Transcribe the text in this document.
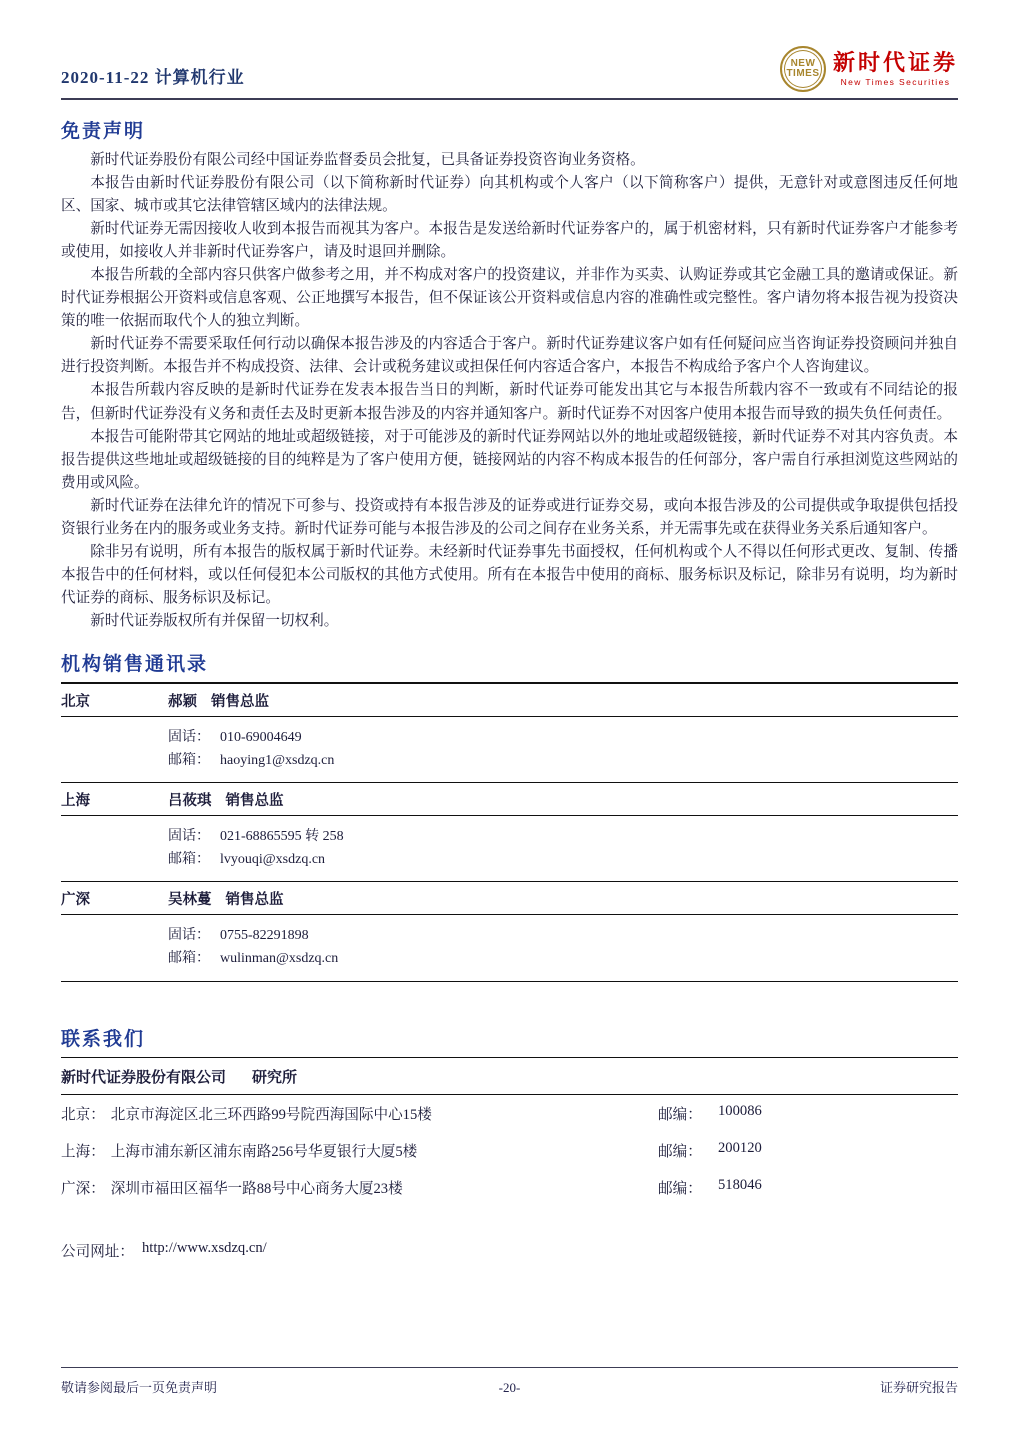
2020-11-22 计算机行业
NEW
TIMES 新时代证券
New Times Securities
免责声明

新时代证券股份有限公司经中国证券监督委员会批复，已具备证券投资咨询业务资格。

本报告由新时代证券股份有限公司（以下简称新时代证券）向其机构或个人客户（以下简称客户）提供，无意针对或意图违反任何地区、国家、城市或其它法律管辖区域内的法律法规。

新时代证券无需因接收人收到本报告而视其为客户。本报告是发送给新时代证券客户的，属于机密材料，只有新时代证券客户才能参考或使用，如接收人并非新时代证券客户，请及时退回并删除。

本报告所载的全部内容只供客户做参考之用，并不构成对客户的投资建议，并非作为买卖、认购证券或其它金融工具的邀请或保证。新时代证券根据公开资料或信息客观、公正地撰写本报告，但不保证该公开资料或信息内容的准确性或完整性。客户请勿将本报告视为投资决策的唯一依据而取代个人的独立判断。

新时代证券不需要采取任何行动以确保本报告涉及的内容适合于客户。新时代证券建议客户如有任何疑问应当咨询证券投资顾问并独自进行投资判断。本报告并不构成投资、法律、会计或税务建议或担保任何内容适合客户，本报告不构成给予客户个人咨询建议。

本报告所载内容反映的是新时代证券在发表本报告当日的判断，新时代证券可能发出其它与本报告所载内容不一致或有不同结论的报告，但新时代证券没有义务和责任去及时更新本报告涉及的内容并通知客户。新时代证券不对因客户使用本报告而导致的损失负任何责任。

本报告可能附带其它网站的地址或超级链接，对于可能涉及的新时代证券网站以外的地址或超级链接，新时代证券不对其内容负责。本报告提供这些地址或超级链接的目的纯粹是为了客户使用方便，链接网站的内容不构成本报告的任何部分，客户需自行承担浏览这些网站的费用或风险。

新时代证券在法律允许的情况下可参与、投资或持有本报告涉及的证券或进行证券交易，或向本报告涉及的公司提供或争取提供包括投资银行业务在内的服务或业务支持。新时代证券可能与本报告涉及的公司之间存在业务关系，并无需事先或在获得业务关系后通知客户。

除非另有说明，所有本报告的版权属于新时代证券。未经新时代证券事先书面授权，任何机构或个人不得以任何形式更改、复制、传播本报告中的任何材料，或以任何侵犯本公司版权的其他方式使用。所有在本报告中使用的商标、服务标识及标记，除非另有说明，均为新时代证券的商标、服务标识及标记。

新时代证券版权所有并保留一切权利。

机构销售通讯录
北京	郝颖 销售总监
固话： 010-69004649
邮箱： haoying1@xsdzq.cn
上海	吕莜琪 销售总监
固话： 021-68865595 转 258
邮箱： lvyouqi@xsdzq.cn
广深	吴林蔓 销售总监
固话： 0755-82291898
邮箱： wulinman@xsdzq.cn
联系我们
新时代证券股份有限公司 研究所
北京： 北京市海淀区北三环西路99号院西海国际中心15楼	邮编：	100086
上海： 上海市浦东新区浦东南路256号华夏银行大厦5楼	邮编：	200120
广深： 深圳市福田区福华一路88号中心商务大厦23楼	邮编：	518046
公司网址： http://www.xsdzq.cn/
敬请参阅最后一页免责声明	-20-	证券研究报告
